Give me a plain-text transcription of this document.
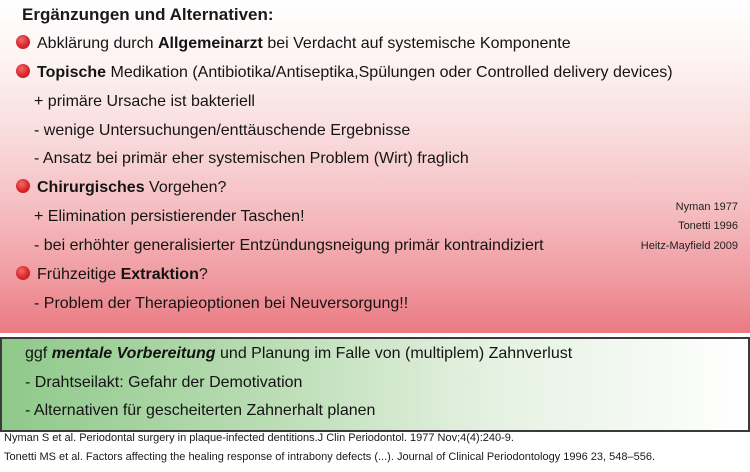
Ergänzungen und Alternativen:
Abklärung durch Allgemeinarzt bei Verdacht auf systemische Komponente
Topische Medikation (Antibiotika/Antiseptika,Spülungen oder Controlled delivery devices)
+ primäre Ursache ist bakteriell
- wenige Untersuchungen/enttäuschende Ergebnisse
- Ansatz bei primär eher systemischen Problem (Wirt) fraglich
Chirurgisches Vorgehen?
+ Elimination persistierender Taschen!
- bei erhöhter generalisierter Entzündungsneigung primär kontraindiziert
Frühzeitige Extraktion?
- Problem der Therapieoptionen bei Neuversorgung!!
Nyman 1977
Tonetti 1996
Heitz-Mayfield 2009
ggf mentale Vorbereitung und Planung im Falle von (multiplem) Zahnverlust
- Drahtseilakt: Gefahr der Demotivation
- Alternativen für gescheiterten Zahnerhalt planen
Nyman S et al. Periodontal surgery in plaque-infected dentitions.J Clin Periodontol. 1977 Nov;4(4):240-9.
Tonetti MS et al. Factors affecting the healing response of intrabony defects (...). Journal of Clinical Periodontology 1996 23, 548–556.
